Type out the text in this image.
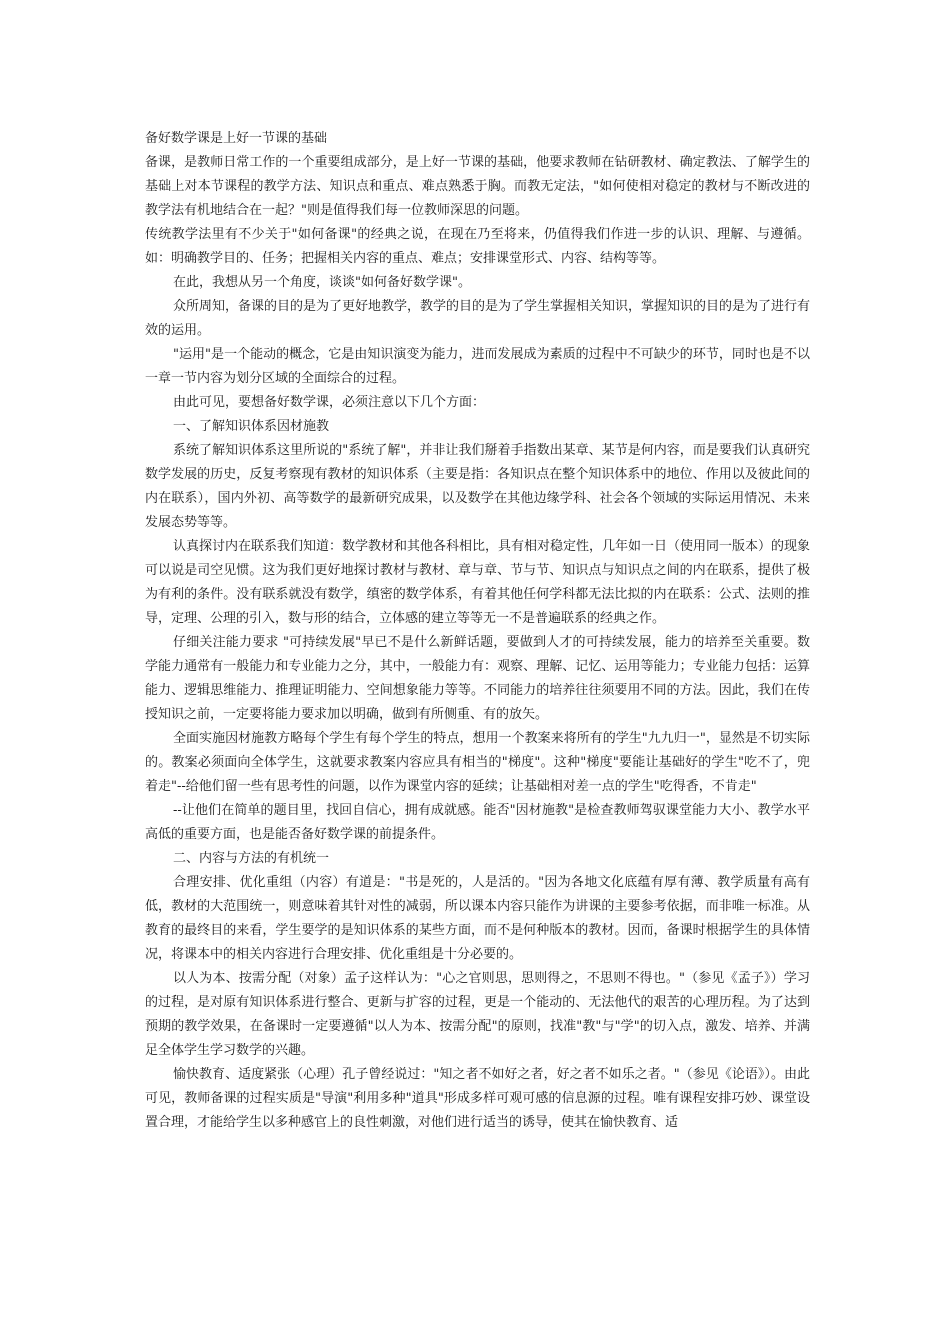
备好数学课是上好一节课的基础

备课，是教师日常工作的一个重要组成部分，是上好一节课的基础，他要求教师在钻研教材、确定教法、了解学生的基础上对本节课程的教学方法、知识点和重点、难点熟悉于胸。而教无定法，"如何使相对稳定的教材与不断改进的教学法有机地结合在一起？"则是值得我们每一位教师深思的问题。

传统教学法里有不少关于"如何备课"的经典之说，在现在乃至将来，仍值得我们作进一步的认识、理解、与遵循。如：明确教学目的、任务；把握相关内容的重点、难点；安排课堂形式、内容、结构等等。

在此，我想从另一个角度，谈谈"如何备好数学课"。

众所周知，备课的目的是为了更好地教学，教学的目的是为了学生掌握相关知识，掌握知识的目的是为了进行有效的运用。

"运用"是一个能动的概念，它是由知识演变为能力，进而发展成为素质的过程中不可缺少的环节，同时也是不以一章一节内容为划分区域的全面综合的过程。

由此可见，要想备好数学课，必须注意以下几个方面：

一、了解知识体系因材施教

系统了解知识体系这里所说的"系统了解"，并非让我们掰着手指数出某章、某节是何内容，而是要我们认真研究数学发展的历史，反复考察现有教材的知识体系（主要是指：各知识点在整个知识体系中的地位、作用以及彼此间的内在联系），国内外初、高等数学的最新研究成果，以及数学在其他边缘学科、社会各个领域的实际运用情况、未来发展态势等等。

认真探讨内在联系我们知道：数学教材和其他各科相比，具有相对稳定性，几年如一日（使用同一版本）的现象可以说是司空见惯。这为我们更好地探讨教材与教材、章与章、节与节、知识点与知识点之间的内在联系，提供了极为有利的条件。没有联系就没有数学，缜密的数学体系，有着其他任何学科都无法比拟的内在联系：公式、法则的推导，定理、公理的引入，数与形的结合，立体感的建立等等无一不是普遍联系的经典之作。

仔细关注能力要求 "可持续发展"早已不是什么新鲜话题，要做到人才的可持续发展，能力的培养至关重要。数学能力通常有一般能力和专业能力之分，其中，一般能力有：观察、理解、记忆、运用等能力；专业能力包括：运算能力、逻辑思维能力、推理证明能力、空间想象能力等等。不同能力的培养往往须要用不同的方法。因此，我们在传授知识之前，一定要将能力要求加以明确，做到有所侧重、有的放矢。

全面实施因材施教方略每个学生有每个学生的特点，想用一个教案来将所有的学生"九九归一"，显然是不切实际的。教案必须面向全体学生，这就要求教案内容应具有相当的"梯度"。这种"梯度"要能让基础好的学生"吃不了，兜着走"--给他们留一些有思考性的问题，以作为课堂内容的延续；让基础相对差一点的学生"吃得香，不肯走"

--让他们在简单的题目里，找回自信心，拥有成就感。能否"因材施教"是检查教师驾驭课堂能力大小、教学水平高低的重要方面，也是能否备好数学课的前提条件。

二、内容与方法的有机统一

合理安排、优化重组（内容）有道是："书是死的，人是活的。"因为各地文化底蕴有厚有薄、教学质量有高有低，教材的大范围统一，则意味着其针对性的减弱，所以课本内容只能作为讲课的主要参考依据，而非唯一标准。从教育的最终目的来看，学生要学的是知识体系的某些方面，而不是何种版本的教材。因而，备课时根据学生的具体情况，将课本中的相关内容进行合理安排、优化重组是十分必要的。

以人为本、按需分配（对象）孟子这样认为："心之官则思，思则得之，不思则不得也。"（参见《孟子》）学习的过程，是对原有知识体系进行整合、更新与扩容的过程，更是一个能动的、无法他代的艰苦的心理历程。为了达到预期的教学效果，在备课时一定要遵循"以人为本、按需分配"的原则，找准"教"与"学"的切入点，激发、培养、并满足全体学生学习数学的兴趣。

愉快教育、适度紧张（心理）孔子曾经说过："知之者不如好之者，好之者不如乐之者。"（参见《论语》）。由此可见，教师备课的过程实质是"导演"利用多种"道具"形成多样可观可感的信息源的过程。唯有课程安排巧妙、课堂设置合理，才能给学生以多种感官上的良性刺激，对他们进行适当的诱导，使其在愉快教育、适
